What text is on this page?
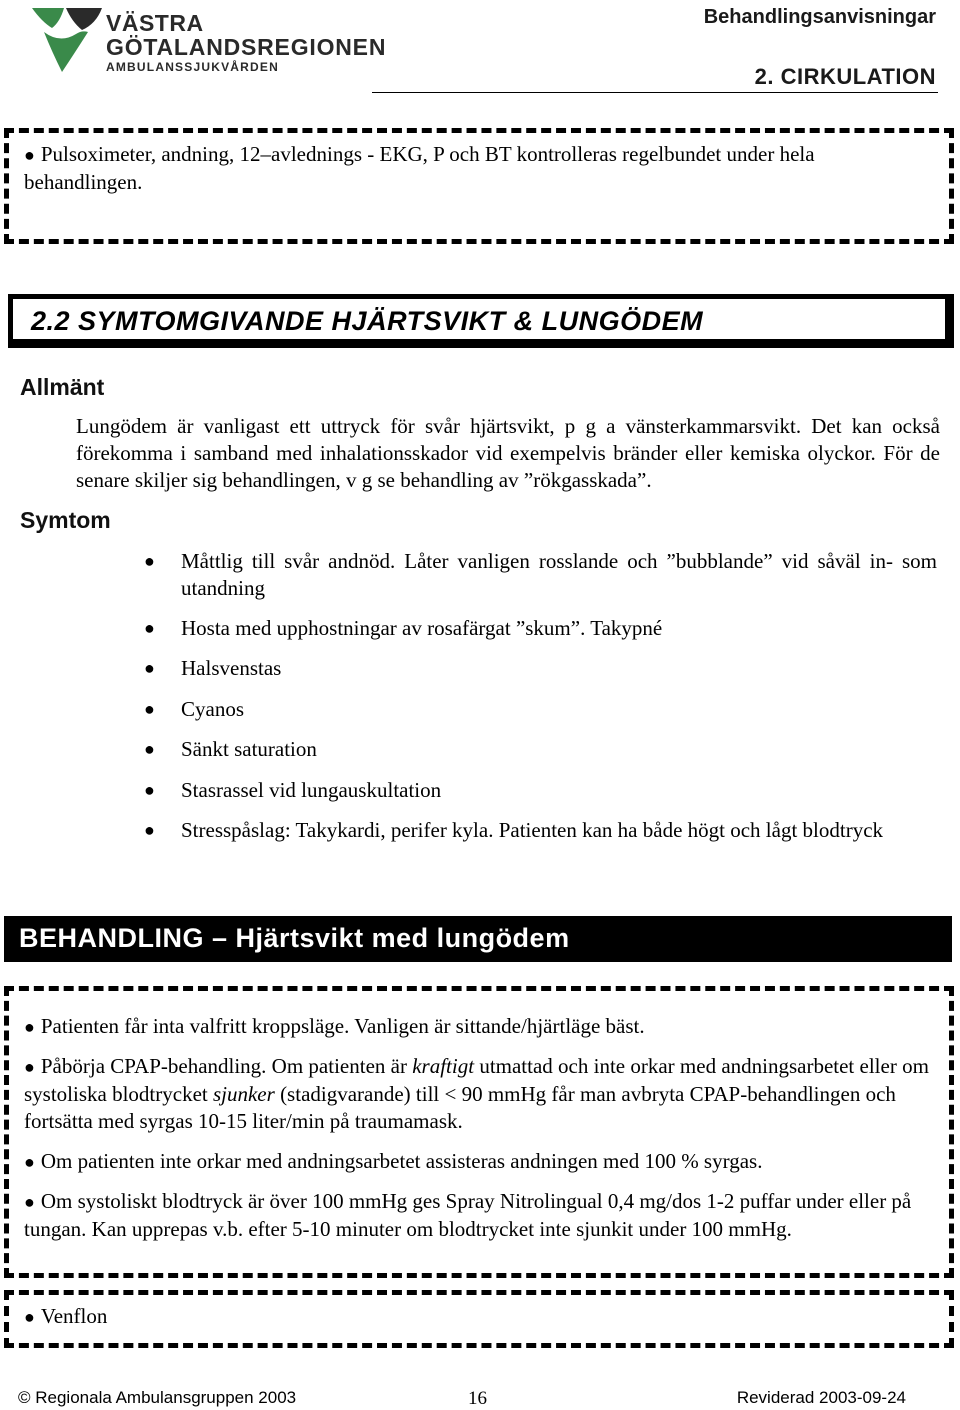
VÄSTRA
GÖTALANDSREGIONEN
AMBULANSSJUKVÅRDEN
Behandlingsanvisningar
2. CIRKULATION
● Pulsoximeter, andning, 12–avlednings - EKG, P och BT kontrolleras regelbundet under hela behandlingen.
2.2 SYMTOMGIVANDE HJÄRTSVIKT & LUNGÖDEM
Allmänt
Lungödem är vanligast ett uttryck för svår hjärtsvikt, p g a vänsterkammarsvikt. Det kan också förekomma i samband med inhalationsskador vid exempelvis bränder eller kemiska olyckor. För de senare skiljer sig behandlingen, v g se behandling av ”rökgasskada”.
Symtom
● Måttlig till svår andnöd. Låter vanligen rosslande och ”bubblande” vid såväl in- som utandning
● Hosta med upphostningar av rosafärgat ”skum”. Takypné
● Halsvenstas
● Cyanos
● Sänkt saturation
● Stasrassel vid lungauskultation
● Stresspåslag: Takykardi, perifer kyla. Patienten kan ha både högt och lågt blodtryck
BEHANDLING – Hjärtsvikt med lungödem
● Patienten får inta valfritt kroppsläge. Vanligen är sittande/hjärtläge bäst.
● Påbörja CPAP-behandling. Om patienten är kraftigt utmattad och inte orkar med andningsarbetet eller om systoliska blodtrycket sjunker (stadigvarande) till < 90 mmHg får man avbryta CPAP-behandlingen och fortsätta med syrgas 10-15 liter/min på traumamask.
● Om patienten inte orkar med andningsarbetet assisteras andningen med 100 % syrgas.
● Om systoliskt blodtryck är över 100 mmHg ges Spray Nitrolingual 0,4 mg/dos 1-2 puffar under eller på tungan. Kan upprepas v.b. efter 5-10 minuter om blodtrycket inte sjunkit under 100 mmHg.
● Venflon
© Regionala Ambulansgruppen 2003	16	Reviderad 2003-09-24
